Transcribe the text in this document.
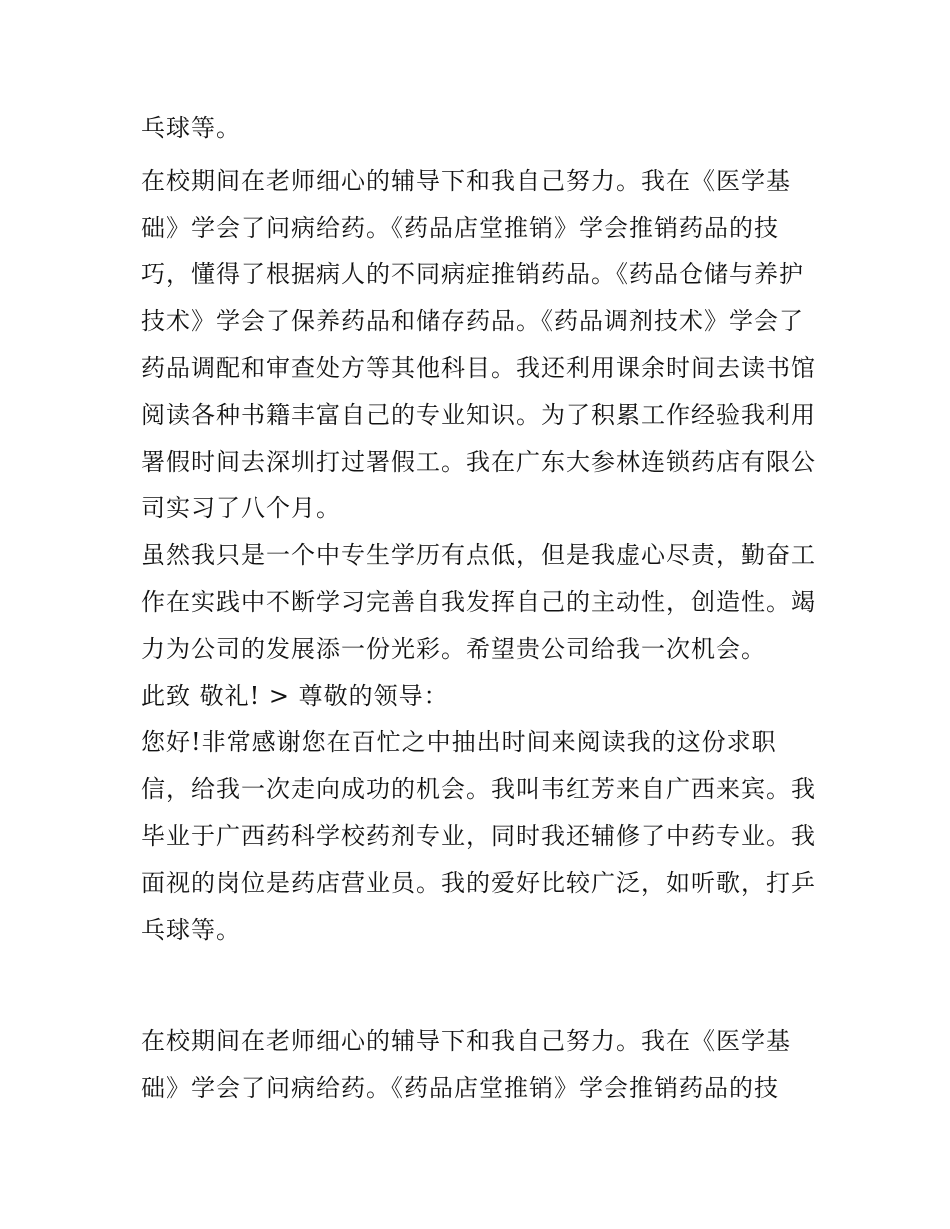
乓球等。
在校期间在老师细心的辅导下和我自己努力。我在《医学基
础》学会了问病给药。《药品店堂推销》学会推销药品的技
巧，懂得了根据病人的不同病症推销药品。《药品仓储与养护
技术》学会了保养药品和储存药品。《药品调剂技术》学会了
药品调配和审查处方等其他科目。我还利用课余时间去读书馆
阅读各种书籍丰富自己的专业知识。为了积累工作经验我利用
署假时间去深圳打过署假工。我在广东大参林连锁药店有限公
司实习了八个月。
虽然我只是一个中专生学历有点低，但是我虚心尽责，勤奋工
作在实践中不断学习完善自我发挥自己的主动性，创造性。竭
力为公司的发展添一份光彩。希望贵公司给我一次机会。
此致 敬礼! > 尊敬的领导：
您好!非常感谢您在百忙之中抽出时间来阅读我的这份求职
信，给我一次走向成功的机会。我叫韦红芳来自广西来宾。我
毕业于广西药科学校药剂专业，同时我还辅修了中药专业。我
面视的岗位是药店营业员。我的爱好比较广泛，如听歌，打乒
乓球等。
在校期间在老师细心的辅导下和我自己努力。我在《医学基
础》学会了问病给药。《药品店堂推销》学会推销药品的技
